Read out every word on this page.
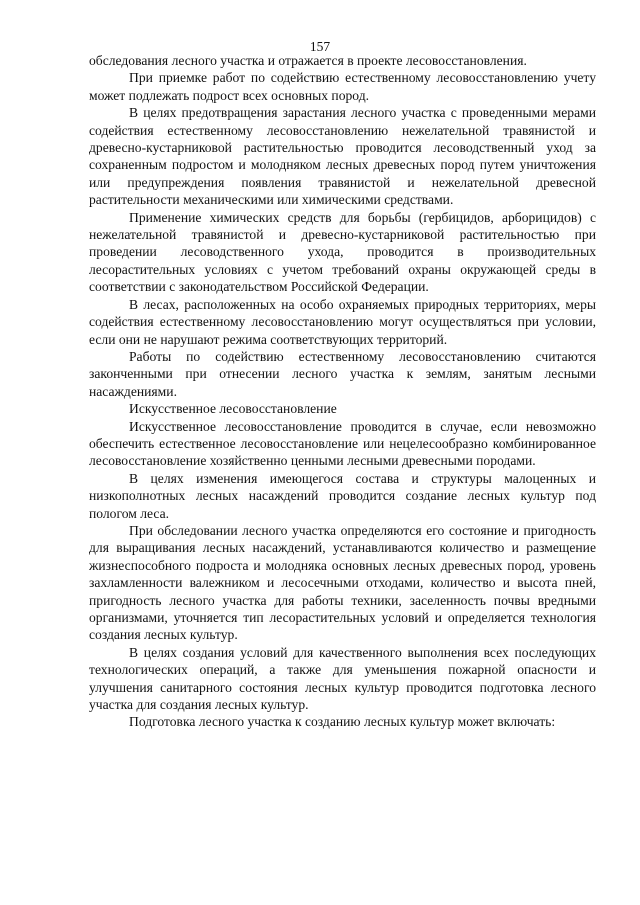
157

обследования лесного участка и отражается в проекте лесовосстановления.

При приемке работ по содействию естественному лесовосстановлению учету может подлежать подрост всех основных пород.

В целях предотвращения зарастания лесного участка с проведенными мерами содействия естественному лесовосстановлению нежелательной травянистой и древесно-кустарниковой растительностью проводится лесоводственный уход за сохраненным подростом и молодняком лесных древесных пород путем уничтожения или предупреждения появления травянистой и нежелательной древесной растительности механическими или химическими средствами.

Применение химических средств для борьбы (гербицидов, арборицидов) с нежелательной травянистой и древесно-кустарниковой растительностью при проведении лесоводственного ухода, проводится в производительных лесорастительных условиях с учетом требований охраны окружающей среды в соответствии с законодательством Российской Федерации.

В лесах, расположенных на особо охраняемых природных территориях, меры содействия естественному лесовосстановлению могут осуществляться при условии, если они не нарушают режима соответствующих территорий.

Работы по содействию естественному лесовосстановлению считаются законченными при отнесении лесного участка к землям, занятым лесными насаждениями.

Искусственное лесовосстановление

Искусственное лесовосстановление проводится в случае, если невозможно обеспечить естественное лесовосстановление или нецелесообразно комбинированное лесовосстановление хозяйственно ценными лесными древесными породами.

В целях изменения имеющегося состава и структуры малоценных и низкополнотных лесных насаждений проводится создание лесных культур под пологом леса.

При обследовании лесного участка определяются его состояние и пригодность для выращивания лесных насаждений, устанавливаются количество и размещение жизнеспособного подроста и молодняка основных лесных древесных пород, уровень захламленности валежником и лесосечными отходами, количество и высота пней, пригодность лесного участка для работы техники, заселенность почвы вредными организмами, уточняется тип лесорастительных условий и определяется технология создания лесных культур.

В целях создания условий для качественного выполнения всех последующих технологических операций, а также для уменьшения пожарной опасности и улучшения санитарного состояния лесных культур проводится подготовка лесного участка для создания лесных культур.

Подготовка лесного участка к созданию лесных культур может включать:
